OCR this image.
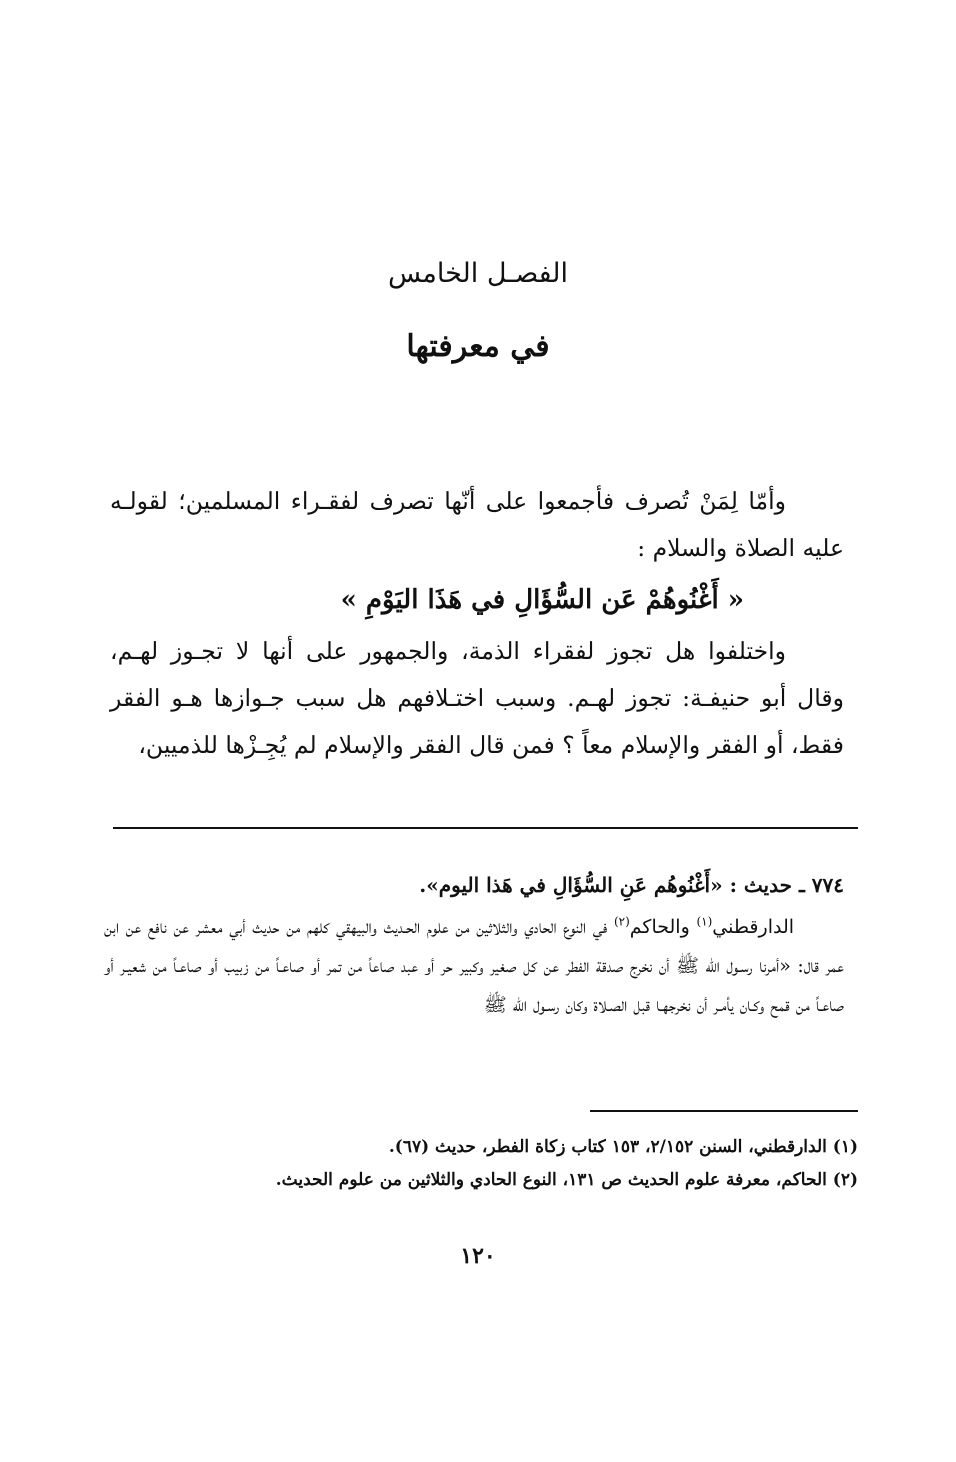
الفصـل الخامس
في معرفتها

وأمّا لِمَنْ تُصرف فأجمعوا على أنّها تصرف لفقـراء المسلمين؛ لقولـه عليه الصلاة والسلام :

« أَغْنُوهُمْ عَن السُّؤَالِ في هَذَا اليَوْمِ »

واختلفوا هل تجوز لفقراء الذمة، والجمهور على أنها لا تجـوز لهـم، وقال أبو حنيفـة: تجوز لهـم. وسبب اختـلافهم هل سبب جـوازها هـو الفقر فقط، أو الفقر والإسلام معاً ؟ فمن قال الفقر والإسلام لم يُجِـزْها للذميين،

٧٧٤ ـ حديث : «أَغْنُوهُم عَنِ السُّؤَالِ في هَذا اليوم».

الدارقطني$^{(١)}$ والحاكم$^{(٢)}$ في النوع الحادي والثلاثين من علوم الحـديث والبيهقي كلهم من حديث أبي معشر عن نافع عن ابن عمر قال: «أمرنا رسـول الله ﷺ أن نخرج صدقة الفطر عن كل صغير وكبير حر أو عبد صاعاً من تمر أو صاعـاً من زبيب أو صاعـاً من شعيـر أو صاعـاً من قمح وكـان يأمـر أن نخرجهـا قبل الصـلاة وكان رسـول الله ﷺ

(١) الدارقطني، السنن ٢/١٥٢، ١٥٣ كتاب زكاة الفطر، حديث (٦٧).

(٢) الحاكم، معرفة علوم الحديث ص ١٣١، النوع الحادي والثلاثين من علوم الحديث.

١٢٠
